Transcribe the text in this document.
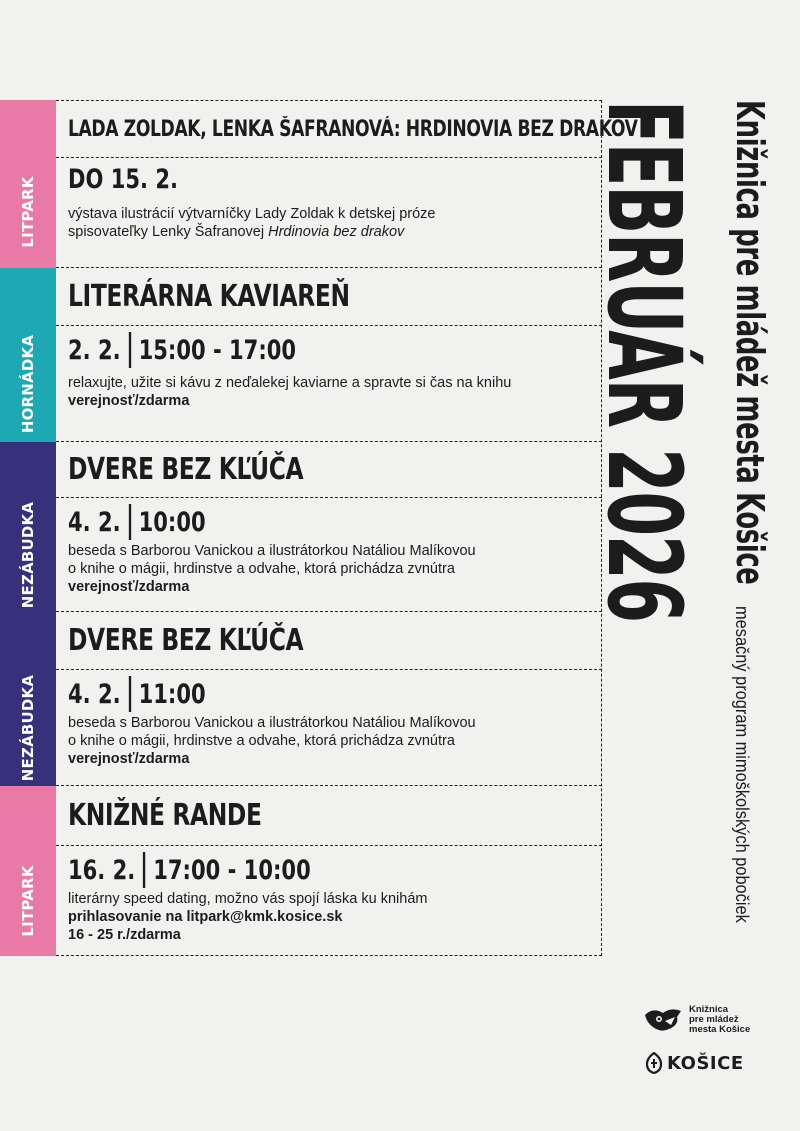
LITPARK
LADA ZOLDAK, LENKA ŠAFRANOVÁ: HRDINOVIA BEZ DRAKOV
DO 15. 2.
výstava ilustrácií výtvarníčky Lady Zoldak k detskej próze
spisovateľky Lenky Šafranovej Hrdinovia bez drakov
HORNÁDKA
LITERÁRNA KAVIAREŇ
2. 2. 15:00 - 17:00
relaxujte, užite si kávu z neďalekej kaviarne a spravte si čas na knihu
verejnosť/zdarma
NEZÁBUDKA
DVERE BEZ KĽÚČA
4. 2. 10:00
beseda s Barborou Vanickou a ilustrátorkou Natáliou Malíkovou
o knihe o mágii, hrdinstve a odvahe, ktorá prichádza zvnútra
verejnosť/zdarma
NEZÁBUDKA
DVERE BEZ KĽÚČA
4. 2. 11:00
beseda s Barborou Vanickou a ilustrátorkou Natáliou Malíkovou
o knihe o mágii, hrdinstve a odvahe, ktorá prichádza zvnútra
verejnosť/zdarma
LITPARK
KNIŽNÉ RANDE
16. 2. 17:00 - 10:00
literárny speed dating, možno vás spojí láska ku knihám
prihlasovanie na litpark@kmk.kosice.sk
16 - 25 r./zdarma
FEBRUÁR 2026 Knižnica pre mládež mesta Košice
mesačný program mimoškolských pobočiek
Knižnica
pre mládež
mesta Košice
KOŠICE
